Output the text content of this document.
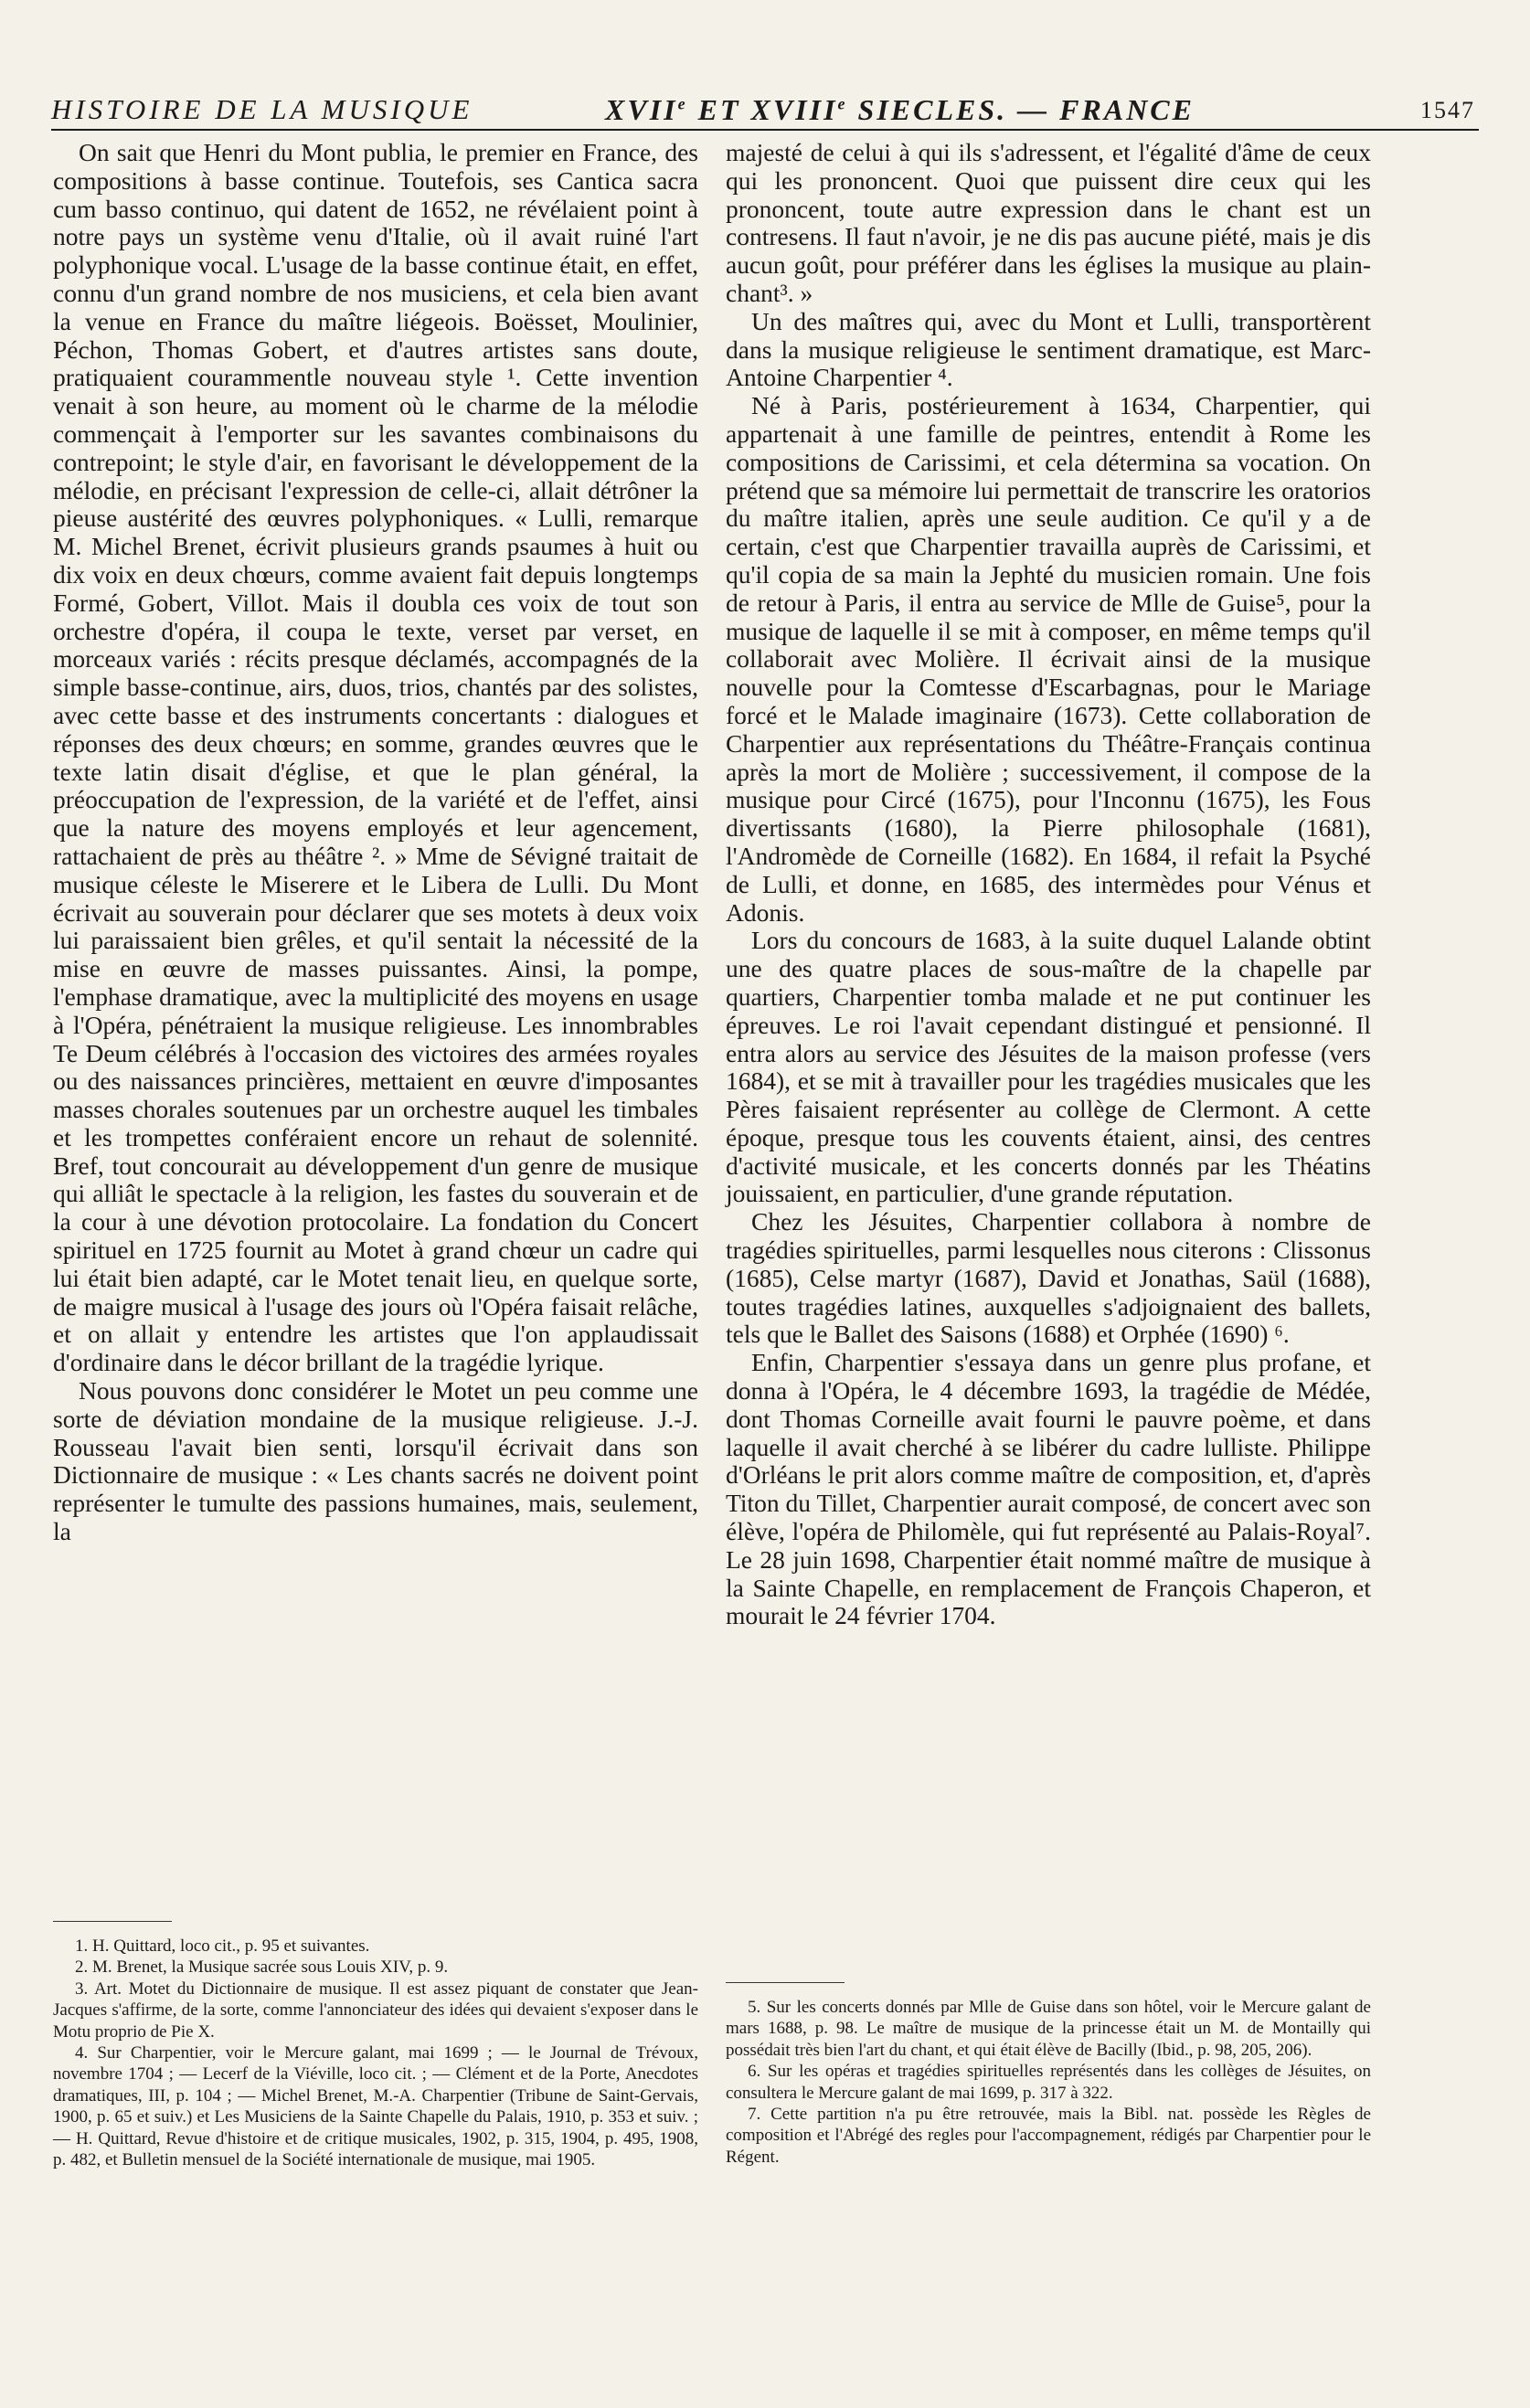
HISTOIRE DE LA MUSIQUE	XVIIe ET XVIIIe SIECLES. — FRANCE	1547

On sait que Henri du Mont publia, le premier en France, des compositions à basse continue. Toutefois, ses Cantica sacra cum basso continuo, qui datent de 1652, ne révélaient point à notre pays un système venu d'Italie, où il avait ruiné l'art polyphonique vocal. L'usage de la basse continue était, en effet, connu d'un grand nombre de nos musiciens, et cela bien avant la venue en France du maître liégeois. Boësset, Moulinier, Péchon, Thomas Gobert, et d'autres artistes sans doute, pratiquaient courammentle nouveau style ¹. Cette invention venait à son heure, au moment où le charme de la mélodie commençait à l'emporter sur les savantes combinaisons du contrepoint; le style d'air, en favorisant le développement de la mélodie, en précisant l'expression de celle-ci, allait détrôner la pieuse austérité des œuvres polyphoniques. « Lulli, remarque M. Michel Brenet, écrivit plusieurs grands psaumes à huit ou dix voix en deux chœurs, comme avaient fait depuis longtemps Formé, Gobert, Villot. Mais il doubla ces voix de tout son orchestre d'opéra, il coupa le texte, verset par verset, en morceaux variés : récits presque déclamés, accompagnés de la simple basse-continue, airs, duos, trios, chantés par des solistes, avec cette basse et des instruments concertants : dialogues et réponses des deux chœurs; en somme, grandes œuvres que le texte latin disait d'église, et que le plan général, la préoccupation de l'expression, de la variété et de l'effet, ainsi que la nature des moyens employés et leur agencement, rattachaient de près au théâtre ². » Mme de Sévigné traitait de musique céleste le Miserere et le Libera de Lulli. Du Mont écrivait au souverain pour déclarer que ses motets à deux voix lui paraissaient bien grêles, et qu'il sentait la nécessité de la mise en œuvre de masses puissantes. Ainsi, la pompe, l'emphase dramatique, avec la multiplicité des moyens en usage à l'Opéra, pénétraient la musique religieuse. Les innombrables Te Deum célébrés à l'occasion des victoires des armées royales ou des naissances princières, mettaient en œuvre d'imposantes masses chorales soutenues par un orchestre auquel les timbales et les trompettes conféraient encore un rehaut de solennité. Bref, tout concourait au développement d'un genre de musique qui alliât le spectacle à la religion, les fastes du souverain et de la cour à une dévotion protocolaire. La fondation du Concert spirituel en 1725 fournit au Motet à grand chœur un cadre qui lui était bien adapté, car le Motet tenait lieu, en quelque sorte, de maigre musical à l'usage des jours où l'Opéra faisait relâche, et on allait y entendre les artistes que l'on applaudissait d'ordinaire dans le décor brillant de la tragédie lyrique.

Nous pouvons donc considérer le Motet un peu comme une sorte de déviation mondaine de la musique religieuse. J.-J. Rousseau l'avait bien senti, lorsqu'il écrivait dans son Dictionnaire de musique : « Les chants sacrés ne doivent point représenter le tumulte des passions humaines, mais, seulement, la

majesté de celui à qui ils s'adressent, et l'égalité d'âme de ceux qui les prononcent. Quoi que puissent dire ceux qui les prononcent, toute autre expression dans le chant est un contresens. Il faut n'avoir, je ne dis pas aucune piété, mais je dis aucun goût, pour préférer dans les églises la musique au plain-chant³. »

Un des maîtres qui, avec du Mont et Lulli, transportèrent dans la musique religieuse le sentiment dramatique, est Marc-Antoine Charpentier ⁴.

Né à Paris, postérieurement à 1634, Charpentier, qui appartenait à une famille de peintres, entendit à Rome les compositions de Carissimi, et cela détermina sa vocation. On prétend que sa mémoire lui permettait de transcrire les oratorios du maître italien, après une seule audition. Ce qu'il y a de certain, c'est que Charpentier travailla auprès de Carissimi, et qu'il copia de sa main la Jephté du musicien romain. Une fois de retour à Paris, il entra au service de Mlle de Guise⁵, pour la musique de laquelle il se mit à composer, en même temps qu'il collaborait avec Molière. Il écrivait ainsi de la musique nouvelle pour la Comtesse d'Escarbagnas, pour le Mariage forcé et le Malade imaginaire (1673). Cette collaboration de Charpentier aux représentations du Théâtre-Français continua après la mort de Molière ; successivement, il compose de la musique pour Circé (1675), pour l'Inconnu (1675), les Fous divertissants (1680), la Pierre philosophale (1681), l'Andromède de Corneille (1682). En 1684, il refait la Psyché de Lulli, et donne, en 1685, des intermèdes pour Vénus et Adonis.

Lors du concours de 1683, à la suite duquel Lalande obtint une des quatre places de sous-maître de la chapelle par quartiers, Charpentier tomba malade et ne put continuer les épreuves. Le roi l'avait cependant distingué et pensionné. Il entra alors au service des Jésuites de la maison professe (vers 1684), et se mit à travailler pour les tragédies musicales que les Pères faisaient représenter au collège de Clermont. A cette époque, presque tous les couvents étaient, ainsi, des centres d'activité musicale, et les concerts donnés par les Théatins jouissaient, en particulier, d'une grande réputation.

Chez les Jésuites, Charpentier collabora à nombre de tragédies spirituelles, parmi lesquelles nous citerons : Clissonus (1685), Celse martyr (1687), David et Jonathas, Saül (1688), toutes tragédies latines, auxquelles s'adjoignaient des ballets, tels que le Ballet des Saisons (1688) et Orphée (1690) ⁶.

Enfin, Charpentier s'essaya dans un genre plus profane, et donna à l'Opéra, le 4 décembre 1693, la tragédie de Médée, dont Thomas Corneille avait fourni le pauvre poème, et dans laquelle il avait cherché à se libérer du cadre lulliste. Philippe d'Orléans le prit alors comme maître de composition, et, d'après Titon du Tillet, Charpentier aurait composé, de concert avec son élève, l'opéra de Philomèle, qui fut représenté au Palais-Royal⁷. Le 28 juin 1698, Charpentier était nommé maître de musique à la Sainte Chapelle, en remplacement de François Chaperon, et mourait le 24 février 1704.

1. H. Quittard, loco cit., p. 95 et suivantes.

2. M. Brenet, la Musique sacrée sous Louis XIV, p. 9.

3. Art. Motet du Dictionnaire de musique. Il est assez piquant de constater que Jean-Jacques s'affirme, de la sorte, comme l'annonciateur des idées qui devaient s'exposer dans le Motu proprio de Pie X.

4. Sur Charpentier, voir le Mercure galant, mai 1699 ; — le Journal de Trévoux, novembre 1704 ; — Lecerf de la Viéville, loco cit. ; — Clément et de la Porte, Anecdotes dramatiques, III, p. 104 ; — Michel Brenet, M.-A. Charpentier (Tribune de Saint-Gervais, 1900, p. 65 et suiv.) et Les Musiciens de la Sainte Chapelle du Palais, 1910, p. 353 et suiv. ; — H. Quittard, Revue d'histoire et de critique musicales, 1902, p. 315, 1904, p. 495, 1908, p. 482, et Bulletin mensuel de la Société internationale de musique, mai 1905.

5. Sur les concerts donnés par Mlle de Guise dans son hôtel, voir le Mercure galant de mars 1688, p. 98. Le maître de musique de la princesse était un M. de Montailly qui possédait très bien l'art du chant, et qui était élève de Bacilly (Ibid., p. 98, 205, 206).

6. Sur les opéras et tragédies spirituelles représentés dans les collèges de Jésuites, on consultera le Mercure galant de mai 1699, p. 317 à 322.

7. Cette partition n'a pu être retrouvée, mais la Bibl. nat. possède les Règles de composition et l'Abrégé des regles pour l'accompagnement, rédigés par Charpentier pour le Régent.
